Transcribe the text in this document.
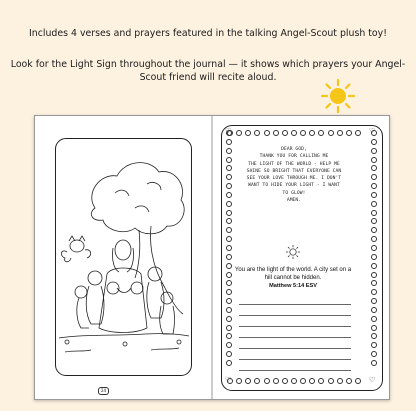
Includes 4 verses and prayers featured in the talking Angel-Scout plush toy!
Look for the Light Sign throughout the journal — it shows which prayers your Angel-Scout friend will recite aloud.
24
♡	♡
♡	♡
DEAR GOD,
THANK YOU FOR CALLING ME
THE LIGHT OF THE WORLD - HELP ME
SHINE SO BRIGHT THAT EVERYONE CAN
SEE YOUR LOVE THROUGH ME. I DON'T
WANT TO HIDE YOUR LIGHT - I WANT
TO GLOW!
AMEN.
You are the light of the world. A city set on a hill cannot be hidden.
Matthew 5:14 ESV
